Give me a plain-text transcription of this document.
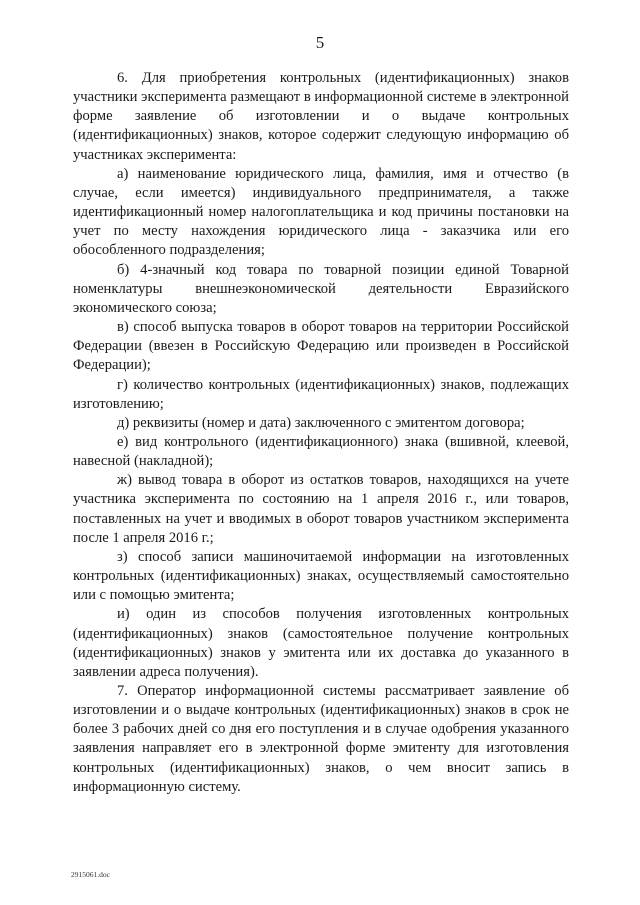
5

6. Для приобретения контрольных (идентификационных) знаков участники эксперимента размещают в информационной системе в электронной форме заявление об изготовлении и о выдаче контрольных (идентификационных) знаков, которое содержит следующую информацию об участниках эксперимента:

а) наименование юридического лица, фамилия, имя и отчество (в случае, если имеется) индивидуального предпринимателя, а также идентификационный номер налогоплательщика и код причины постановки на учет по месту нахождения юридического лица - заказчика или его обособленного подразделения;

б) 4-значный код товара по товарной позиции единой Товарной номенклатуры внешнеэкономической деятельности Евразийского экономического союза;

в) способ выпуска товаров в оборот товаров на территории Российской Федерации (ввезен в Российскую Федерацию или произведен в Российской Федерации);

г) количество контрольных (идентификационных) знаков, подлежащих изготовлению;

д) реквизиты (номер и дата) заключенного с эмитентом договора;

е) вид контрольного (идентификационного) знака (вшивной, клеевой, навесной (накладной);

ж) вывод товара в оборот из остатков товаров, находящихся на учете участника эксперимента по состоянию на 1 апреля 2016 г., или товаров, поставленных на учет и вводимых в оборот товаров участником эксперимента после 1 апреля 2016 г.;

з) способ записи машиночитаемой информации на изготовленных контрольных (идентификационных) знаках, осуществляемый самостоятельно или с помощью эмитента;

и) один из способов получения изготовленных контрольных (идентификационных) знаков (самостоятельное получение контрольных (идентификационных) знаков у эмитента или их доставка до указанного в заявлении адреса получения).

7. Оператор информационной системы рассматривает заявление об изготовлении и о выдаче контрольных (идентификационных) знаков в срок не более 3 рабочих дней со дня его поступления и в случае одобрения указанного заявления направляет его в электронной форме эмитенту для изготовления контрольных (идентификационных) знаков, о чем вносит запись в информационную систему.

2915061.doc
